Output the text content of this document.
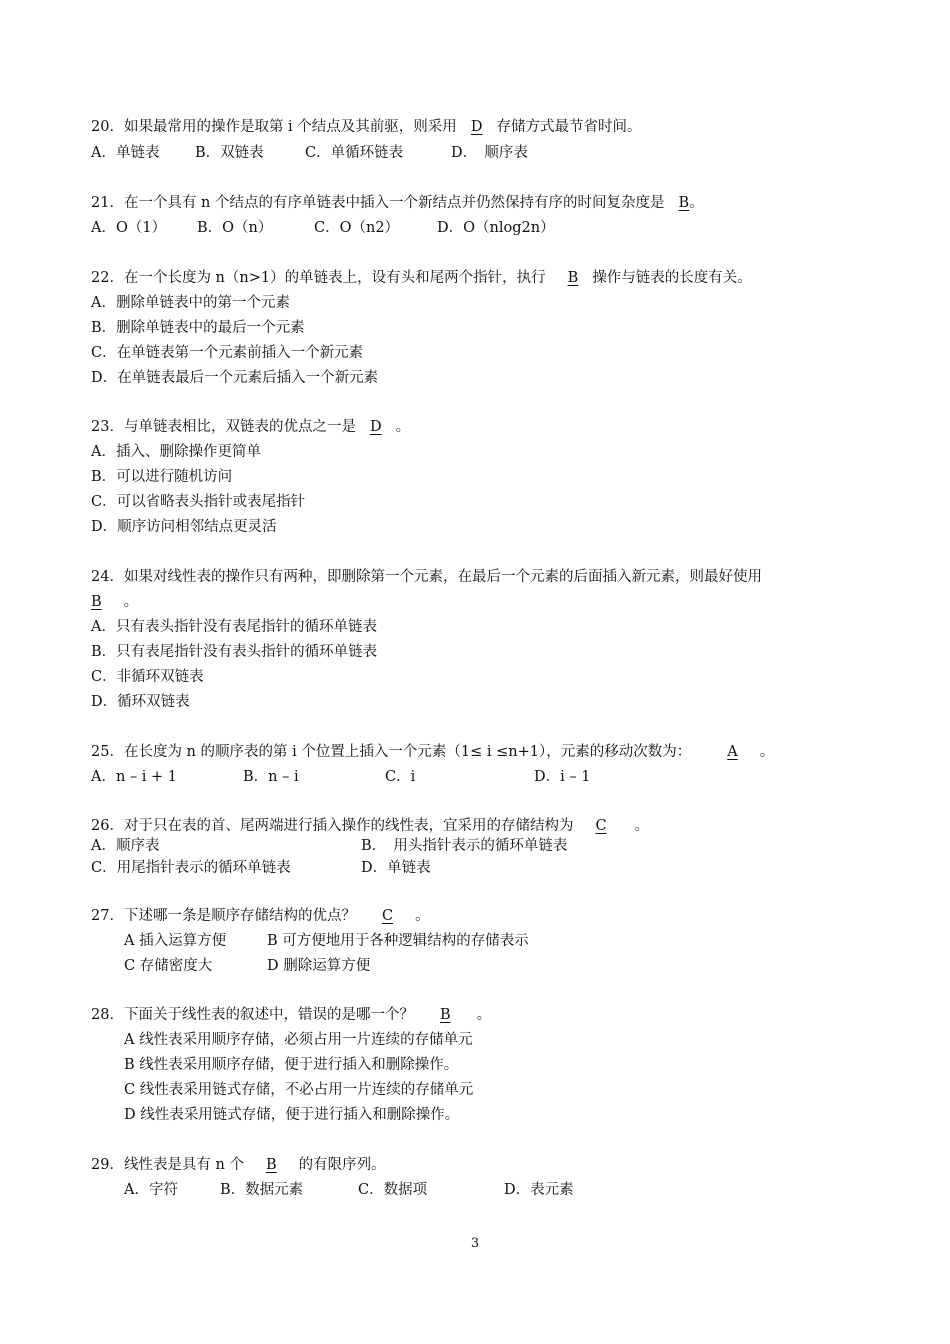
20．如果最常用的操作是取第 i 个结点及其前驱，则采用 D 存储方式最节省时间。
A．单链表 B．双链表	C．单循环链表	D．　顺序表
21．在一个具有 n 个结点的有序单链表中插入一个新结点并仍然保持有序的时间复杂度是 B。
A．O（1） B．O（n）	C．O（n2）	D．O（nlog2n）
22．在一个长度为 n（n>1）的单链表上，设有头和尾两个指针，执行 B 操作与链表的长度有关。
A．删除单链表中的第一个元素
B．删除单链表中的最后一个元素
C．在单链表第一个元素前插入一个新元素
D．在单链表最后一个元素后插入一个新元素
23．与单链表相比，双链表的优点之一是 D 。
A．插入、删除操作更简单
B．可以进行随机访问
C．可以省略表头指针或表尾指针
D．顺序访问相邻结点更灵活
24．如果对线性表的操作只有两种，即删除第一个元素，在最后一个元素的后面插入新元素，则最好使用
B 。
A．只有表头指针没有表尾指针的循环单链表
B．只有表尾指针没有表头指针的循环单链表
C．非循环双链表
D．循环双链表
25．在长度为 n 的顺序表的第 i 个位置上插入一个元素（1≤ i ≤n+1），元素的移动次数为： A 。
A．n – i + 1	B．n – i	C．i	D．i – 1
26．对于只在表的首、尾两端进行插入操作的线性表，宜采用的存储结构为 C 。
A．顺序表	B．　用头指针表示的循环单链表
C．用尾指针表示的循环单链表	D．单链表
27．下述哪一条是顺序存储结构的优点？ C 。
A 插入运算方便	B 可方便地用于各种逻辑结构的存储表示
C 存储密度大	D 删除运算方便
28．下面关于线性表的叙述中，错误的是哪一个？ B 。
A 线性表采用顺序存储，必须占用一片连续的存储单元
B 线性表采用顺序存储，便于进行插入和删除操作。
C 线性表采用链式存储，不必占用一片连续的存储单元
D 线性表采用链式存储，便于进行插入和删除操作。
29．线性表是具有 n 个 B 的有限序列。
A．字符	B．数据元素	C．数据项	D．表元素
3
